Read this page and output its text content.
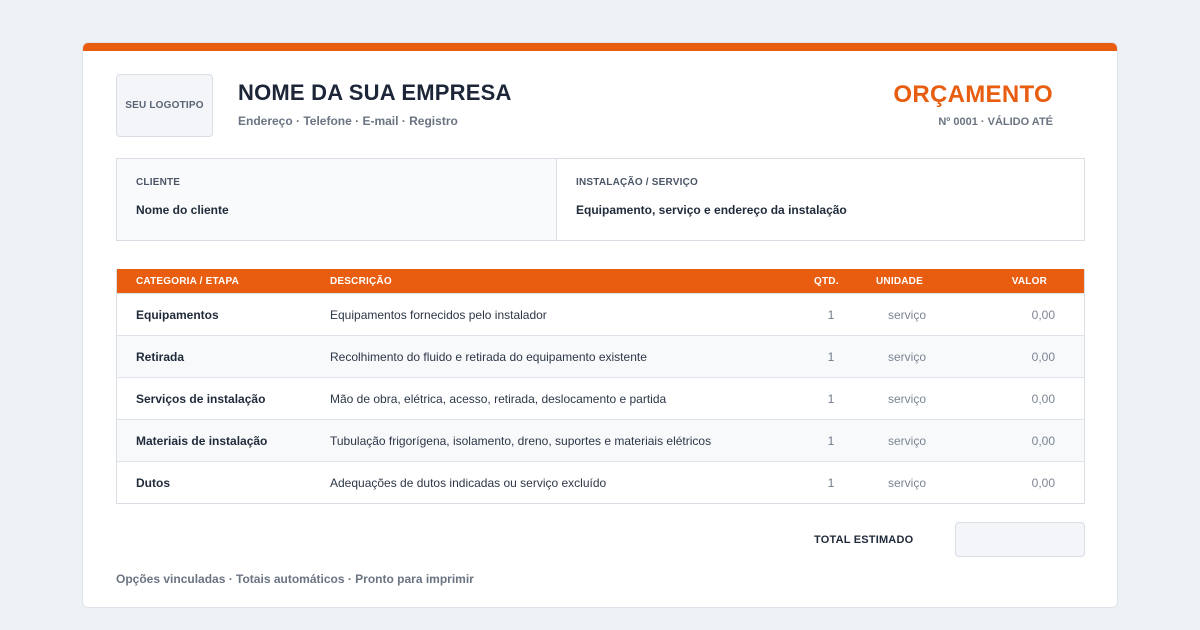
SEU LOGOTIPO
NOME DA SUA EMPRESA
Endereço · Telefone · E-mail · Registro
ORÇAMENTO
Nº 0001 · VÁLIDO ATÉ
CLIENTE
Nome do cliente
INSTALAÇÃO / SERVIÇO
Equipamento, serviço e endereço da instalação
CATEGORIA / ETAPA	DESCRIÇÃO	QTD.	UNIDADE	VALOR
Equipamentos	Equipamentos fornecidos pelo instalador	1	serviço	0,00
Retirada	Recolhimento do fluido e retirada do equipamento existente	1	serviço	0,00
Serviços de instalação	Mão de obra, elétrica, acesso, retirada, deslocamento e partida	1	serviço	0,00
Materiais de instalação	Tubulação frigorígena, isolamento, dreno, suportes e materiais elétricos	1	serviço	0,00
Dutos	Adequações de dutos indicadas ou serviço excluído	1	serviço	0,00
TOTAL ESTIMADO
Opções vinculadas · Totais automáticos · Pronto para imprimir
